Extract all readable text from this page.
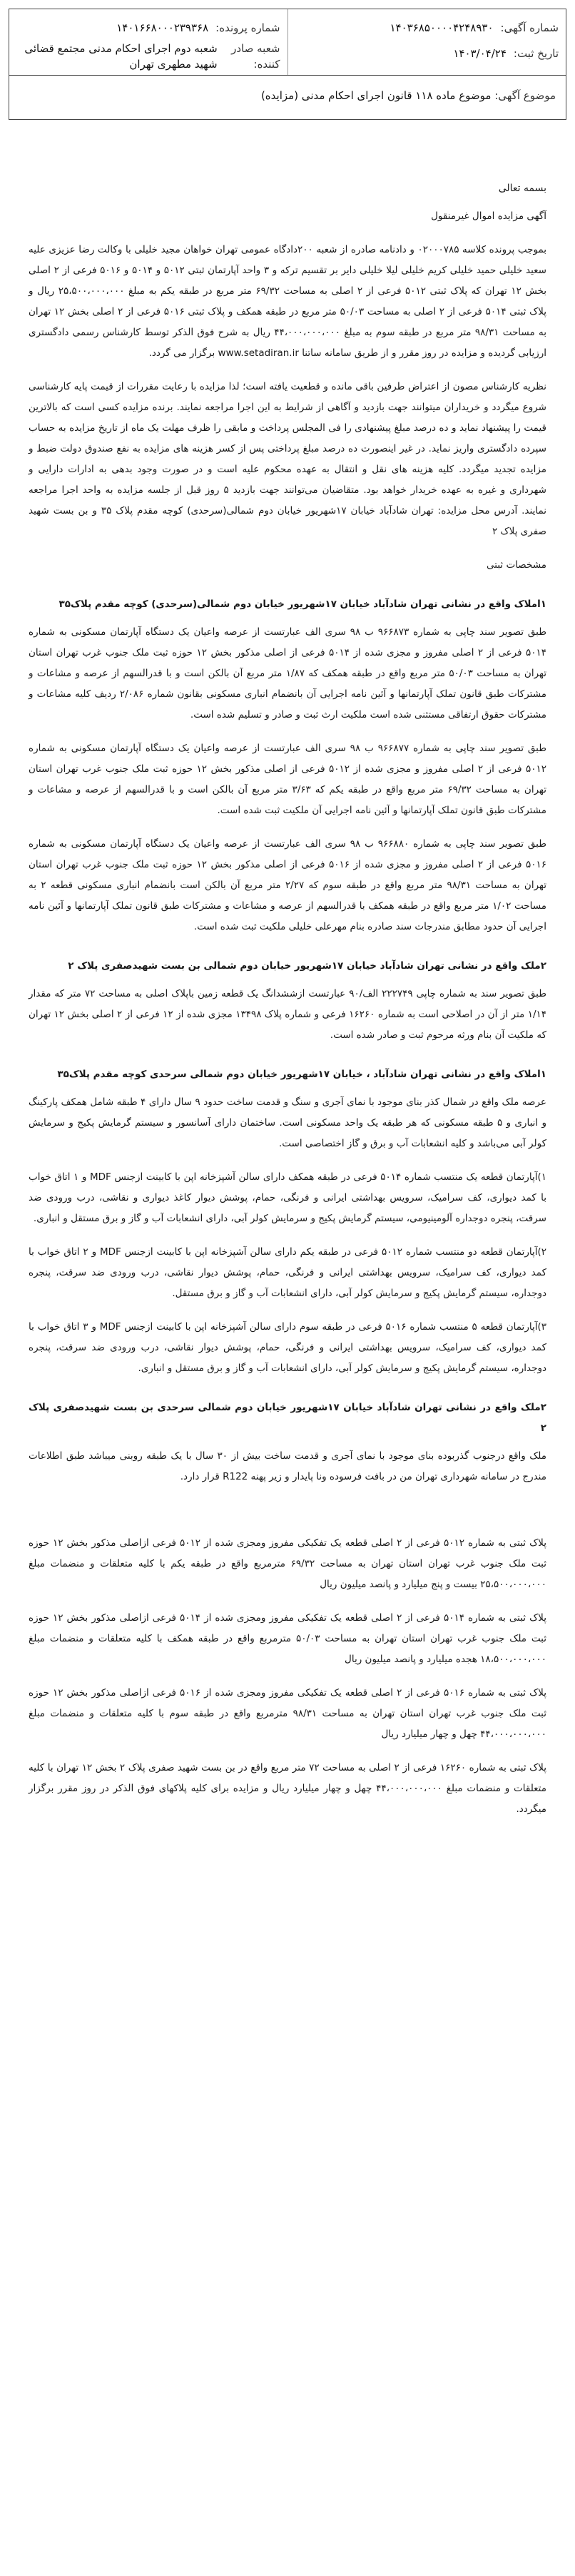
شماره آگهی:
۱۴۰۳۶۸۵۰۰۰۰۴۲۴۸۹۳۰
تاریخ ثبت:
۱۴۰۳/۰۴/۲۴
شماره پرونده:
۱۴۰۱۶۶۸۰۰۰۲۳۹۳۶۸
شعبه صادر کننده:
شعبه دوم اجرای احکام مدنی مجتمع قضائی شهید مطهری تهران
موضوع آگهی: موضوع ماده ۱۱۸ قانون اجرای احکام مدنی (مزایده)
بسمه تعالی
آگهی مزایده اموال غیرمنقول

بموجب پرونده کلاسه ۰۲۰۰۰۷۸۵ و دادنامه صادره از شعبه ۲۰۰دادگاه عمومی تهران خواهان مجید خلیلی با وکالت رضا عزیزی علیه سعید خلیلی حمید خلیلی کریم خلیلی لیلا خلیلی دایر بر تقسیم ترکه و ۳ واحد آپارتمان ثبتی ۵۰۱۲ و ۵۰۱۴ و ۵۰۱۶ فرعی از ۲ اصلی بخش ۱۲ تهران که پلاک ثبتی ۵۰۱۲ فرعی از ۲ اصلی به مساحت ۶۹/۳۲ متر مربع در طبقه یکم به مبلغ ۲۵،۵۰۰،۰۰۰،۰۰۰ ریال و پلاک ثبتی ۵۰۱۴ فرعی از ۲ اصلی به مساحت ۵۰/۰۳ متر مربع در طبقه همکف و پلاک ثبتی ۵۰۱۶ فرعی از ۲ اصلی بخش ۱۲ تهران به مساحت ۹۸/۳۱ متر مربع در طبقه سوم به مبلغ ۴۴،۰۰۰،۰۰۰،۰۰۰ ریال به شرح فوق الذکر توسط کارشناس رسمی دادگستری ارزیابی گردیده و مزایده در روز مقرر و از طریق سامانه ساتنا www.setadiran.ir برگزار می گردد.

نظریه کارشناس مصون از اعتراض طرفین باقی مانده و قطعیت یافته است؛ لذا مزایده با رعایت مقررات از قیمت پایه کارشناسی شروع میگردد و خریداران میتوانند جهت بازدید و آگاهی از شرایط به این اجرا مراجعه نمایند. برنده مزایده کسی است که بالاترین قیمت را پیشنهاد نماید و ده درصد مبلغ پیشنهادی را فی المجلس پرداخت و مابقی را ظرف مهلت یک ماه از تاریخ مزایده به حساب سپرده دادگستری واریز نماید. در غیر اینصورت ده درصد مبلغ پرداختی پس از کسر هزینه های مزایده به نفع صندوق دولت ضبط و مزایده تجدید میگردد. کلیه هزینه های نقل و انتقال به عهده محکوم علیه است و در صورت وجود بدهی به ادارات دارایی و شهرداری و غیره به عهده خریدار خواهد بود. متقاضیان می‌توانند جهت بازدید ۵ روز قبل از جلسه مزایده به واحد اجرا مراجعه نمایند. آدرس محل مزایده: تهران شادآباد خیابان ۱۷شهریور خیابان دوم شمالی(سرحدی) کوچه مقدم پلاک ۳۵ و بن بست شهید صفری پلاک ۲

مشخصات ثبتی

۱املاک واقع در نشانی تهران شادآباد خیابان ۱۷شهریور خیابان دوم شمالی(سرحدی) کوچه مقدم پلاک۳۵

طبق تصویر سند چاپی به شماره ۹۶۶۸۷۳ ب ۹۸ سری الف عبارتست از عرصه واعیان یک دستگاه آپارتمان مسکونی به شماره ۵۰۱۴ فرعی از ۲ اصلی مفروز و مجزی شده از ۵۰۱۴ فرعی از اصلی مذکور بخش ۱۲ حوزه ثبت ملک جنوب غرب تهران استان تهران به مساحت ۵۰/۰۳ متر مربع واقع در طبقه همکف که ۱/۸۷ متر مربع آن بالکن است و با قدرالسهم از عرصه و مشاعات و مشترکات طبق قانون تملک آپارتمانها و آئین نامه اجرایی آن بانضمام انباری مسکونی بقانون شماره ۲/۰۸۶ ردیف کلیه مشاعات و مشترکات حقوق ارتفاقی مستثنی شده است ملکیت ارث ثبت و صادر و تسلیم شده است.

طبق تصویر سند چاپی به شماره ۹۶۶۸۷۷ ب ۹۸ سری الف عبارتست از عرصه واعیان یک دستگاه آپارتمان مسکونی به شماره ۵۰۱۲ فرعی از ۲ اصلی مفروز و مجزی شده از ۵۰۱۲ فرعی از اصلی مذکور بخش ۱۲ حوزه ثبت ملک جنوب غرب تهران استان تهران به مساحت ۶۹/۳۲ متر مربع واقع در طبقه یکم که ۳/۶۳ متر مربع آن بالکن است و با قدرالسهم از عرصه و مشاعات و مشترکات طبق قانون تملک آپارتمانها و آئین نامه اجرایی آن ملکیت ثبت شده است.

طبق تصویر سند چاپی به شماره ۹۶۶۸۸۰ ب ۹۸ سری الف عبارتست از عرصه واعیان یک دستگاه آپارتمان مسکونی به شماره ۵۰۱۶ فرعی از ۲ اصلی مفروز و مجزی شده از ۵۰۱۶ فرعی از اصلی مذکور بخش ۱۲ حوزه ثبت ملک جنوب غرب تهران استان تهران به مساحت ۹۸/۳۱ متر مربع واقع در طبقه سوم که ۲/۲۷ متر مربع آن بالکن است بانضمام انباری مسکونی قطعه ۲ به مساحت ۱/۰۲ متر مربع واقع در طبقه همکف با قدرالسهم از عرصه و مشاعات و مشترکات طبق قانون تملک آپارتمانها و آئین نامه اجرایی آن حدود مطابق مندرجات سند صادره بنام مهرعلی خلیلی ملکیت ثبت شده است.

۲ملک واقع در نشانی تهران شادآباد خیابان ۱۷شهریور خیابان دوم شمالی بن بست شهیدصفری پلاک ۲

طبق تصویر سند به شماره چاپی ۲۲۲۷۴۹ الف/۹۰ عبارتست ازششدانگ یک قطعه زمین باپلاک اصلی به مساحت ۷۲ متر که مقدار ۱/۱۴ متر از آن در اصلاحی است به شماره ۱۶۲۶۰ فرعی و شماره پلاک ۱۳۴۹۸ مجزی شده از ۱۲ فرعی از ۲ اصلی بخش ۱۲ تهران که ملکیت آن بنام ورثه مرحوم ثبت و صادر شده است.

۱املاک واقع در نشانی تهران شادآباد ، خیابان ۱۷شهریور خیابان دوم شمالی سرحدی کوچه مقدم پلاک۳۵

عرصه ملک واقع در شمال کذر بنای موجود با نمای آجری و سنگ و قدمت ساخت حدود ۹ سال دارای ۴ طبقه شامل همکف پارکینگ و انباری و ۵ طبقه مسکونی که هر طبقه یک واحد مسکونی است. ساختمان دارای آسانسور و سیستم گرمایش پکیج و سرمایش کولر آبی می‌باشد و کلیه انشعابات آب و برق و گاز اختصاصی است.

۱)آپارتمان قطعه یک منتسب شماره ۵۰۱۴ فرعی در طبقه همکف دارای سالن آشپزخانه اپن با کابینت ازجنس MDF و ۱ اتاق خواب با کمد دیواری، کف سرامیک، سرویس بهداشتی ایرانی و فرنگی، حمام، پوشش دیوار کاغذ دیواری و نقاشی، درب ورودی ضد سرقت، پنجره دوجداره آلومینیومی، سیستم گرمایش پکیج و سرمایش کولر آبی، دارای انشعابات آب و گاز و برق مستقل و انباری.

۲)آپارتمان قطعه دو منتسب شماره ۵۰۱۲ فرعی در طبقه یکم دارای سالن آشپزخانه اپن با کابینت ازجنس MDF و ۲ اتاق خواب با کمد دیواری، کف سرامیک، سرویس بهداشتی ایرانی و فرنگی، حمام، پوشش دیوار نقاشی، درب ورودی ضد سرقت، پنجره دوجداره، سیستم گرمایش پکیج و سرمایش کولر آبی، دارای انشعابات آب و گاز و برق مستقل.

۳)آپارتمان قطعه ۵ منتسب شماره ۵۰۱۶ فرعی در طبقه سوم دارای سالن آشپزخانه اپن با کابینت ازجنس MDF و ۳ اتاق خواب با کمد دیواری، کف سرامیک، سرویس بهداشتی ایرانی و فرنگی، حمام، پوشش دیوار نقاشی، درب ورودی ضد سرقت، پنجره دوجداره، سیستم گرمایش پکیج و سرمایش کولر آبی، دارای انشعابات آب و گاز و برق مستقل و انباری.

۲ملک واقع در نشانی تهران شادآباد خیابان ۱۷شهریور خیابان دوم شمالی سرحدی بن بست شهیدصفری پلاک ۲

ملک واقع درجنوب گذربوده بنای موجود با نمای آجری و قدمت ساخت بیش از ۳۰ سال با یک طبقه روبنی میباشد طبق اطلاعات مندرج در سامانه شهرداری تهران من در بافت فرسوده ونا پایدار و زیر پهنه R122 قرار دارد.

پلاک ثبتی به شماره ۵۰۱۲ فرعی از ۲ اصلی قطعه یک تفکیکی مفروز ومجزی شده از ۵۰۱۲ فرعی ازاصلی مذکور بخش ۱۲ حوزه ثبت ملک جنوب غرب تهران استان تهران به مساحت ۶۹/۳۲ مترمربع واقع در طبقه یکم با کلیه متعلقات و منضمات مبلغ ۲۵،۵۰۰،۰۰۰،۰۰۰ بیست و پنج میلیارد و پانصد میلیون ریال

پلاک ثبتی به شماره ۵۰۱۴ فرعی از ۲ اصلی قطعه یک تفکیکی مفروز ومجزی شده از ۵۰۱۴ فرعی ازاصلی مذکور بخش ۱۲ حوزه ثبت ملک جنوب غرب تهران استان تهران به مساحت ۵۰/۰۳ مترمربع واقع در طبقه همکف با کلیه متعلقات و منضمات مبلغ ۱۸،۵۰۰،۰۰۰،۰۰۰ هجده میلیارد و پانصد میلیون ریال

پلاک ثبتی به شماره ۵۰۱۶ فرعی از ۲ اصلی قطعه یک تفکیکی مفروز ومجزی شده از ۵۰۱۶ فرعی ازاصلی مذکور بخش ۱۲ حوزه ثبت ملک جنوب غرب تهران استان تهران به مساحت ۹۸/۳۱ مترمربع واقع در طبقه سوم با کلیه متعلقات و منضمات مبلغ ۴۴،۰۰۰،۰۰۰،۰۰۰ چهل و چهار میلیارد ریال

پلاک ثبتی به شماره ۱۶۲۶۰ فرعی از ۲ اصلی به مساحت ۷۲ متر مربع واقع در بن بست شهید صفری پلاک ۲ بخش ۱۲ تهران با کلیه متعلقات و منضمات مبلغ ۴۴،۰۰۰،۰۰۰،۰۰۰ چهل و چهار میلیارد ریال و مزایده برای کلیه پلاکهای فوق الذکر در روز مقرر برگزار میگردد.
